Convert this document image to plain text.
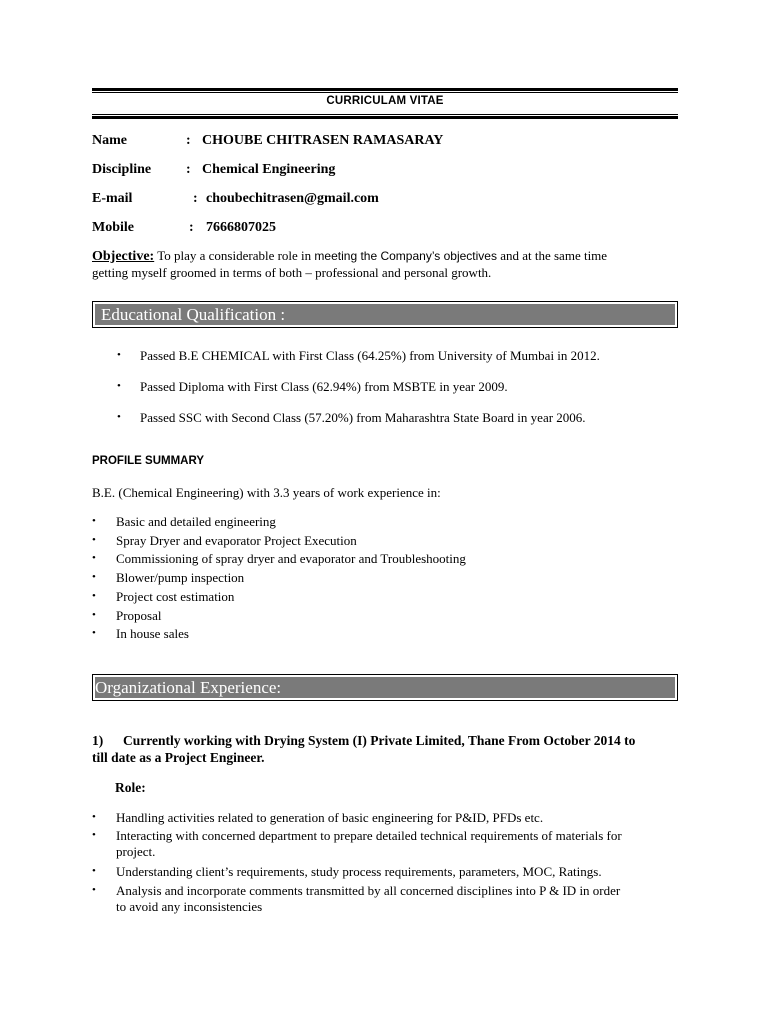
CURRICULAM VITAE
Name	: CHOUBE CHITRASEN RAMASARAY
Discipline : Chemical Engineering
E-mail	: choubechitrasen@gmail.com
Mobile	: 7666807025
Objective: To play a considerable role in meeting the Company’s objectives and at the same time
getting myself groomed in terms of both – professional and personal growth.
Educational Qualification :
• Passed B.E CHEMICAL with First Class (64.25%) from University of Mumbai in 2012.
• Passed Diploma with First Class (62.94%) from MSBTE in year 2009.
• Passed SSC with Second Class (57.20%) from Maharashtra State Board in year 2006.
PROFILE SUMMARY
B.E. (Chemical Engineering) with 3.3 years of work experience in:
• Basic and detailed engineering
• Spray Dryer and evaporator Project Execution
• Commissioning of spray dryer and evaporator and Troubleshooting
• Blower/pump inspection
• Project cost estimation
• Proposal
• In house sales
Organizational Experience:
1) Currently working with Drying System (I) Private Limited, Thane From October 2014 to
till date as a Project Engineer.
Role:
• Handling activities related to generation of basic engineering for P&ID, PFDs etc.
• Interacting with concerned department to prepare detailed technical requirements of materials for
project.
• Understanding client’s requirements, study process requirements, parameters, MOC, Ratings.
• Analysis and incorporate comments transmitted by all concerned disciplines into P & ID in order
to avoid any inconsistencies
